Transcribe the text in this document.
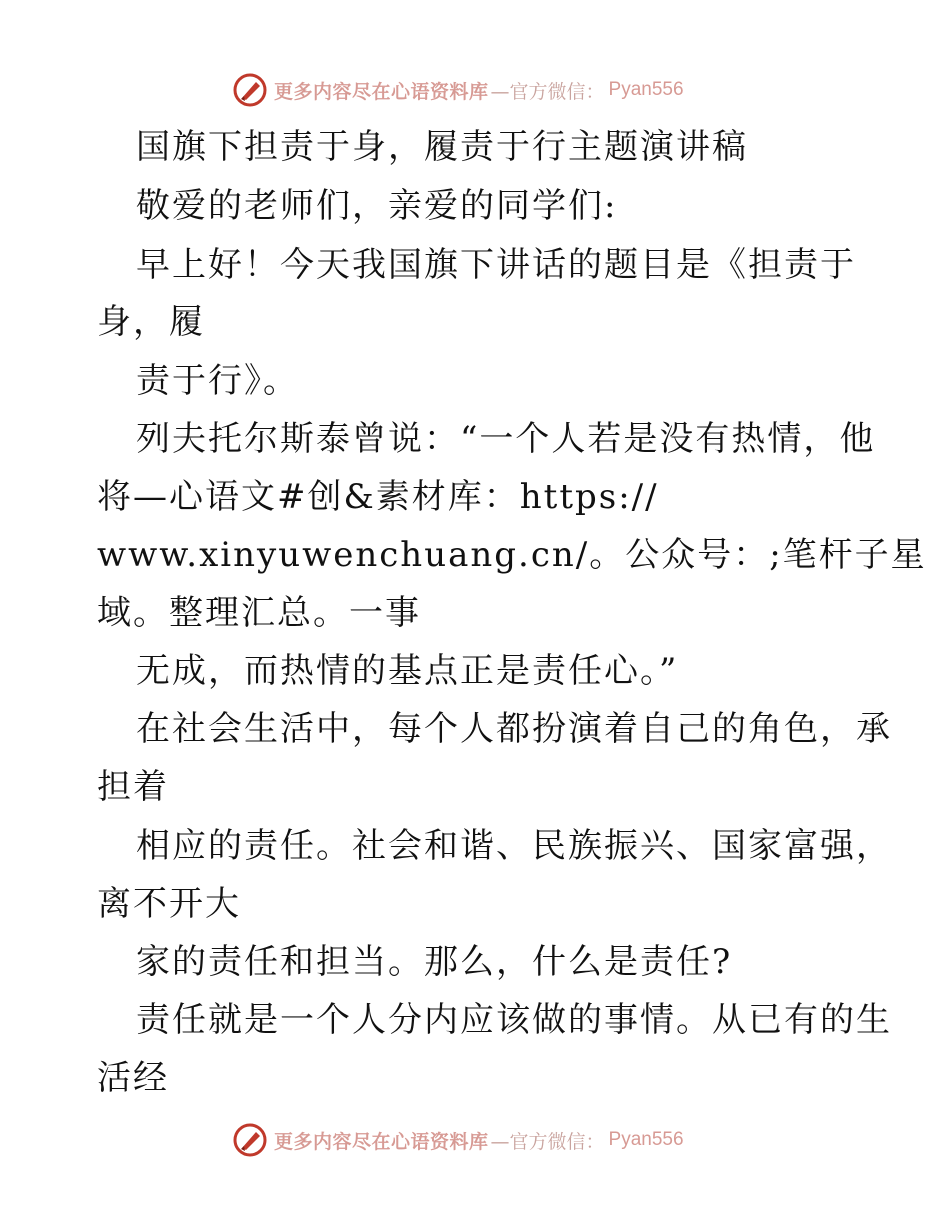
更多内容尽在心语资料库 —官方微信： Pyan556
国旗下担责于身，履责于行主题演讲稿
敬爱的老师们，亲爱的同学们:
早上好！今天我国旗下讲话的题目是《担责于
身，履
责于行》。
列夫托尔斯泰曾说：“一个人若是没有热情，他
将—心语文#创&素材库：https://
www.xinyuwenchuang.cn/。公众号：;笔杆子星
域。整理汇总。一事
无成，而热情的基点正是责任心。”
在社会生活中，每个人都扮演着自己的角色，承
担着
相应的责任。社会和谐、民族振兴、国家富强，
离不开大
家的责任和担当。那么，什么是责任?
责任就是一个人分内应该做的事情。从已有的生
活经
更多内容尽在心语资料库 —官方微信： Pyan556
